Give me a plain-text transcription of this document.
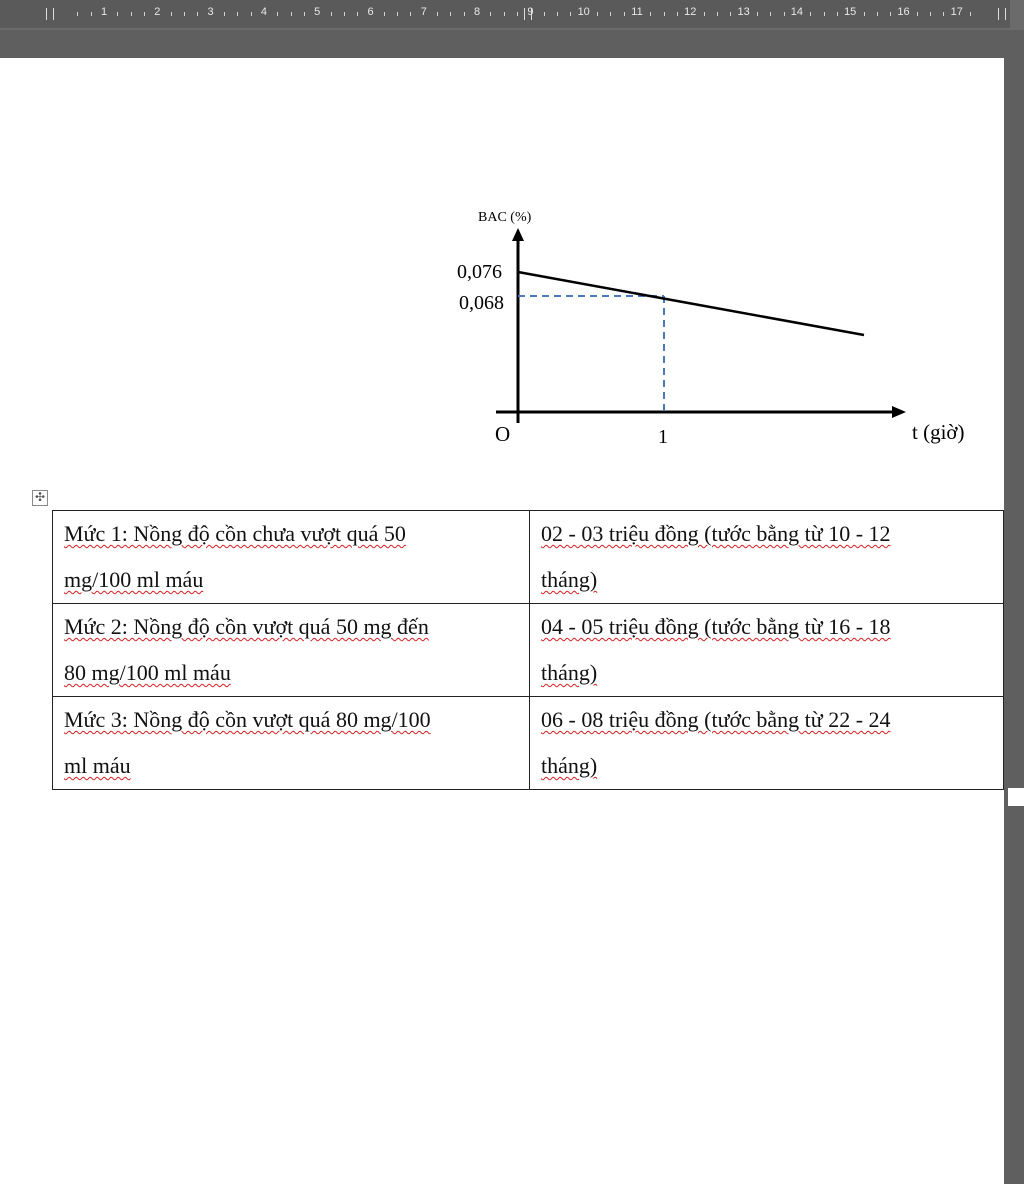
1	2	3	4	5	6	7	8	9	10	11	12	13	14	15	16	17
BAC (%)
0,076
0,068
O	1	t (giờ)
✣
Mức 1: Nồng độ cồn chưa vượt quá 50
mg/100 ml máu	02 - 03 triệu đồng (tước bằng từ 10 - 12
tháng)
Mức 2: Nồng độ cồn vượt quá 50 mg đến
80 mg/100 ml máu	04 - 05 triệu đồng (tước bằng từ 16 - 18
tháng)
Mức 3: Nồng độ cồn vượt quá 80 mg/100
ml máu	06 - 08 triệu đồng (tước bằng từ 22 - 24
tháng)
